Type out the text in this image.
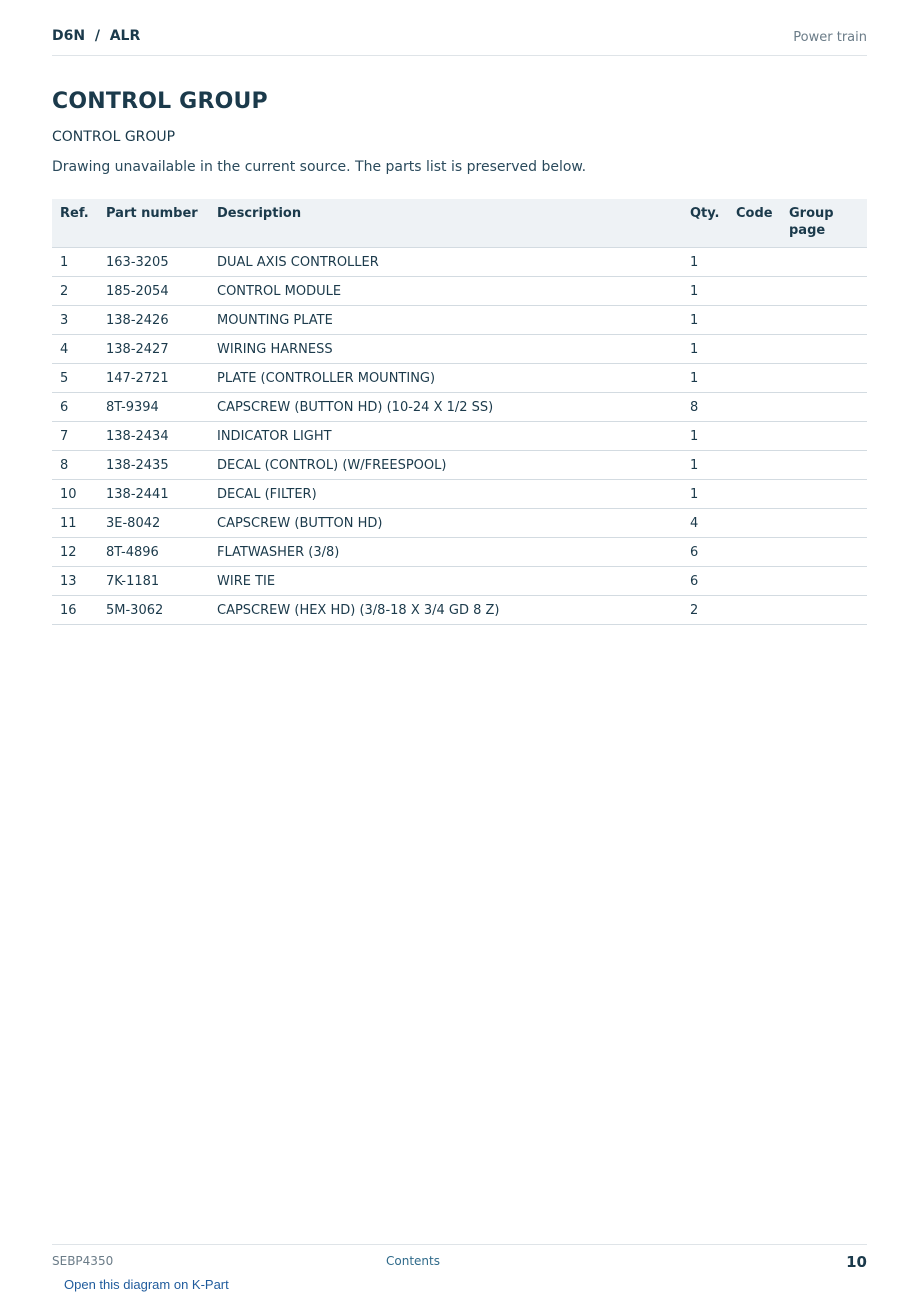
D6N / ALR	Power train
CONTROL GROUP
CONTROL GROUP
Drawing unavailable in the current source. The parts list is preserved below.
Ref.	Part number	Description	Qty.	Code	Group page
1	163-3205	DUAL AXIS CONTROLLER	1		
2	185-2054	CONTROL MODULE	1		
3	138-2426	MOUNTING PLATE	1		
4	138-2427	WIRING HARNESS	1		
5	147-2721	PLATE (CONTROLLER MOUNTING)	1		
6	8T-9394	CAPSCREW (BUTTON HD) (10-24 X 1/2 SS)	8		
7	138-2434	INDICATOR LIGHT	1		
8	138-2435	DECAL (CONTROL) (W/FREESPOOL)	1		
10	138-2441	DECAL (FILTER)	1		
11	3E-8042	CAPSCREW (BUTTON HD)	4		
12	8T-4896	FLATWASHER (3/8)	6		
13	7K-1181	WIRE TIE	6		
16	5M-3062	CAPSCREW (HEX HD) (3/8-18 X 3/4 GD 8 Z)	2		
SEBP4350	Contents	10
Open this diagram on K-Part
